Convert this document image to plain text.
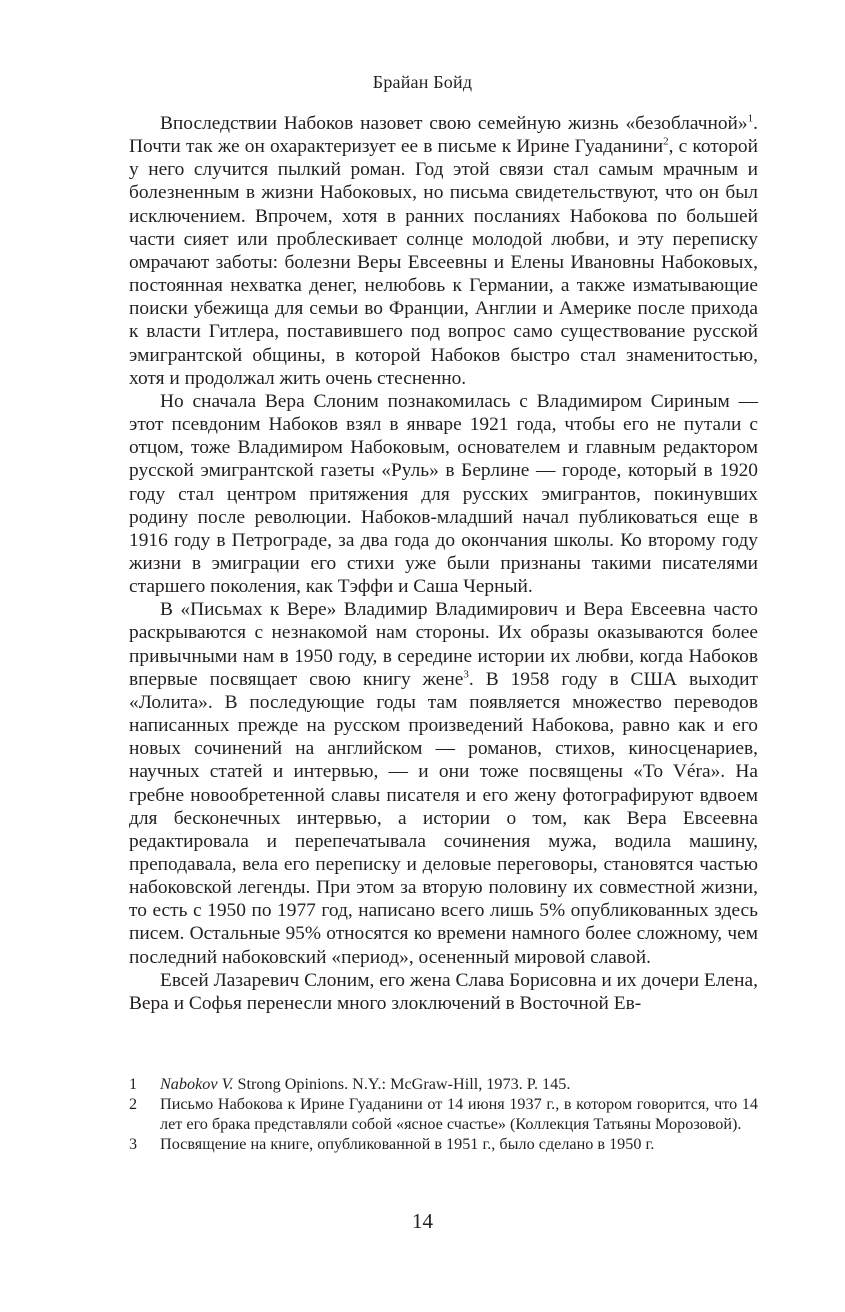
Брайан Бойд

Впоследствии Набоков назовет свою семейную жизнь «безоблачной»$^1$. Почти так же он охарактеризует ее в письме к Ирине Гуаданини$^2$, с которой у него случится пылкий роман. Год этой связи стал самым мрачным и болезненным в жизни Набоковых, но письма свидетельствуют, что он был исключением. Впрочем, хотя в ранних посланиях Набокова по большей части сияет или проблескивает солнце молодой любви, и эту переписку омрачают заботы: болезни Веры Евсеевны и Елены Ивановны Набоковых, постоянная нехватка денег, нелюбовь к Германии, а также изматывающие поиски убежища для семьи во Франции, Англии и Америке после прихода к власти Гитлера, поставившего под вопрос само существование русской эмигрантской общины, в которой Набоков быстро стал знаменитостью, хотя и продолжал жить очень стесненно.

Но сначала Вера Слоним познакомилась с Владимиром Сириным — этот псевдоним Набоков взял в январе 1921 года, чтобы его не путали с отцом, тоже Владимиром Набоковым, основателем и главным редактором русской эмигрантской газеты «Руль» в Берлине — городе, который в 1920 году стал центром притяжения для русских эмигрантов, покинувших родину после революции. Набоков-младший начал публиковаться еще в 1916 году в Петрограде, за два года до окончания школы. Ко второму году жизни в эмиграции его стихи уже были признаны такими писателями старшего поколения, как Тэффи и Саша Черный.

В «Письмах к Вере» Владимир Владимирович и Вера Евсеевна часто раскрываются с незнакомой нам стороны. Их образы оказываются более привычными нам в 1950 году, в середине истории их любви, когда Набоков впервые посвящает свою книгу жене$^3$. В 1958 году в США выходит «Лолита». В последующие годы там появляется множество переводов написанных прежде на русском произведений Набокова, равно как и его новых сочинений на английском — романов, стихов, киносценариев, научных статей и интервью, — и они тоже посвящены «To Véra». На гребне новообретенной славы писателя и его жену фотографируют вдвоем для бесконечных интервью, а истории о том, как Вера Евсеевна редактировала и перепечатывала сочинения мужа, водила машину, преподавала, вела его переписку и деловые переговоры, становятся частью набоковской легенды. При этом за вторую половину их совместной жизни, то есть с 1950 по 1977 год, написано всего лишь 5% опубликованных здесь писем. Остальные 95% относятся ко времени намного более сложному, чем последний набоковский «период», осененный мировой славой.

Евсей Лазаревич Слоним, его жена Слава Борисовна и их дочери Елена, Вера и Софья перенесли много злоключений в Восточной Ев-

1	Nabokov V. Strong Opinions. N.Y.: McGraw-Hill, 1973. P. 145.
2	Письмо Набокова к Ирине Гуаданини от 14 июня 1937 г., в котором говорится, что 14 лет его брака представляли собой «ясное счастье» (Коллекция Татьяны Морозовой).
3	Посвящение на книге, опубликованной в 1951 г., было сделано в 1950 г.
14
